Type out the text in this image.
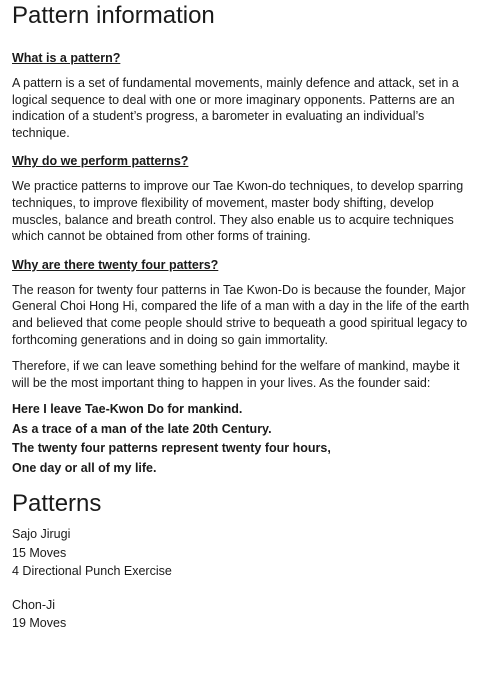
Pattern information
What is a pattern?

A pattern is a set of fundamental movements, mainly defence and attack, set in a logical sequence to deal with one or more imaginary opponents. Patterns are an indication of a student’s progress, a barometer in evaluating an individual’s technique.

Why do we perform patterns?

We practice patterns to improve our Tae Kwon-do techniques, to develop sparring techniques, to improve flexibility of movement, master body shifting, develop muscles, balance and breath control. They also enable us to acquire techniques which cannot be obtained from other forms of training.

Why are there twenty four patters?

The reason for twenty four patterns in Tae Kwon-Do is because the founder, Major General Choi Hong Hi, compared the life of a man with a day in the life of the earth and believed that come people should strive to bequeath a good spiritual legacy to forthcoming generations and in doing so gain immortality.

Therefore, if we can leave something behind for the welfare of mankind, maybe it will be the most important thing to happen in your lives. As the founder said:

Here I leave Tae-Kwon Do for mankind.

As a trace of a man of the late 20th Century.

The twenty four patterns represent twenty four hours,

One day or all of my life.

Patterns

Sajo Jirugi

15 Moves

4 Directional Punch Exercise

Chon-Ji

19 Moves
